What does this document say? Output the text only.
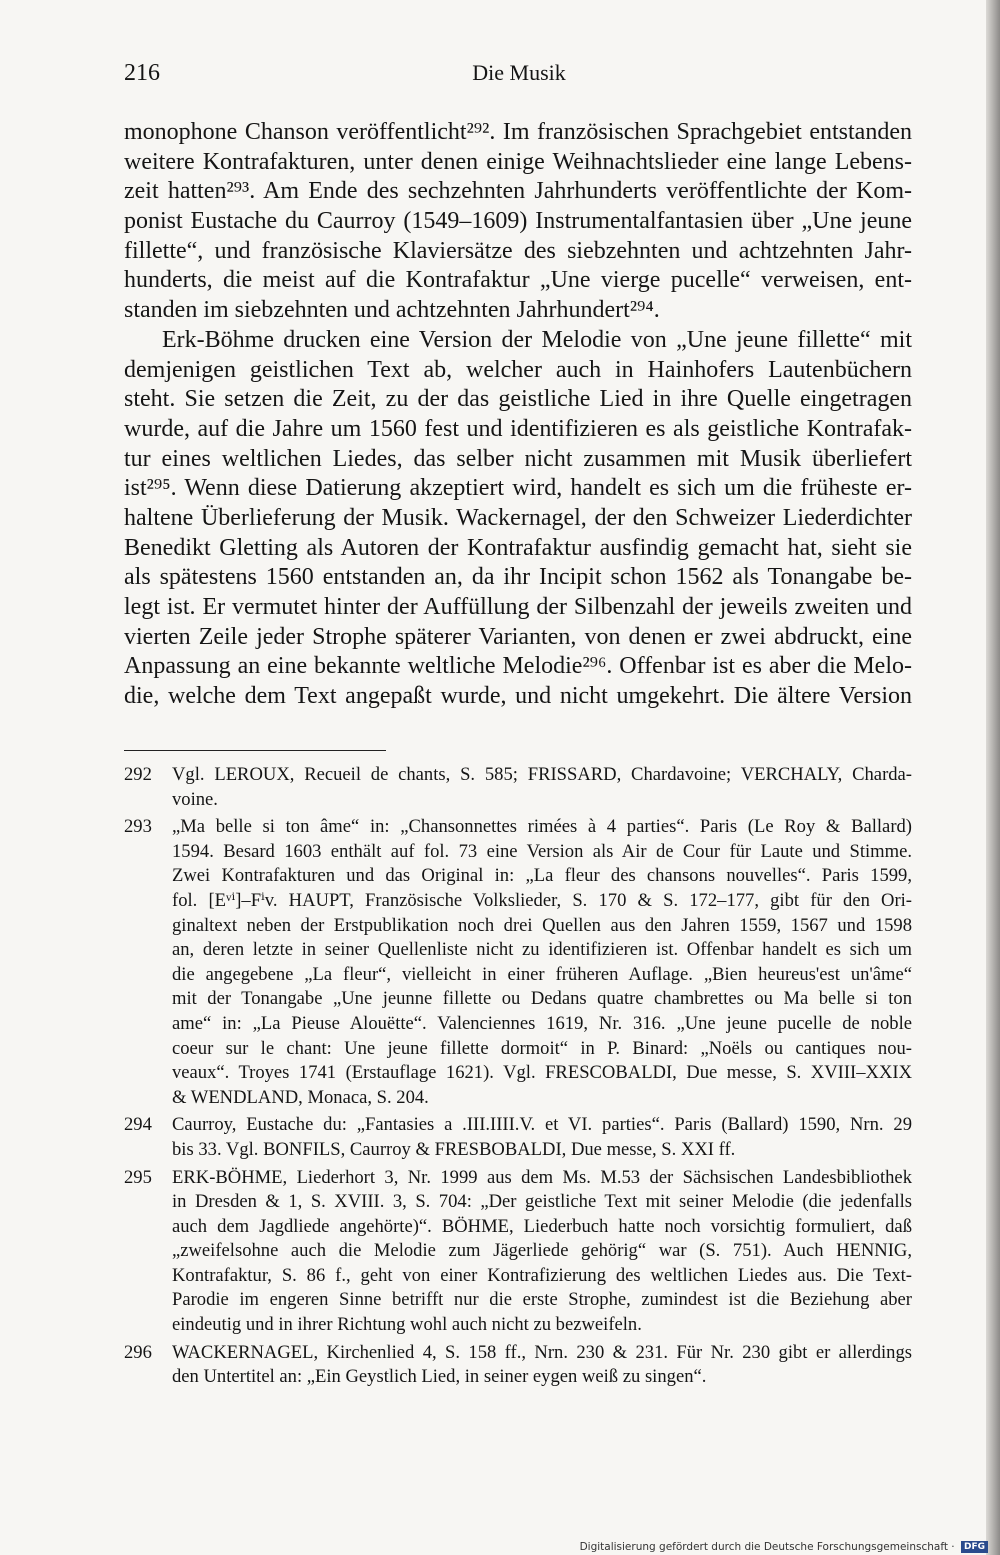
216	Die Musik
monophone Chanson veröffentlicht²⁹². Im französischen Sprachgebiet entstanden
weitere Kontrafakturen, unter denen einige Weihnachtslieder eine lange Lebens-
zeit hatten²⁹³. Am Ende des sechzehnten Jahrhunderts veröffentlichte der Kom-
ponist Eustache du Caurroy (1549–1609) Instrumentalfantasien über „Une jeune
fillette“, und französische Klaviersätze des siebzehnten und achtzehnten Jahr-
hunderts, die meist auf die Kontrafaktur „Une vierge pucelle“ verweisen, ent-
standen im siebzehnten und achtzehnten Jahrhundert²⁹⁴.
Erk-Böhme drucken eine Version der Melodie von „Une jeune fillette“ mit
demjenigen geistlichen Text ab, welcher auch in Hainhofers Lautenbüchern
steht. Sie setzen die Zeit, zu der das geistliche Lied in ihre Quelle eingetragen
wurde, auf die Jahre um 1560 fest und identifizieren es als geistliche Kontrafak-
tur eines weltlichen Liedes, das selber nicht zusammen mit Musik überliefert
ist²⁹⁵. Wenn diese Datierung akzeptiert wird, handelt es sich um die früheste er-
haltene Überlieferung der Musik. Wackernagel, der den Schweizer Liederdichter
Benedikt Gletting als Autoren der Kontrafaktur ausfindig gemacht hat, sieht sie
als spätestens 1560 entstanden an, da ihr Incipit schon 1562 als Tonangabe be-
legt ist. Er vermutet hinter der Auffüllung der Silbenzahl der jeweils zweiten und
vierten Zeile jeder Strophe späterer Varianten, von denen er zwei abdruckt, eine
Anpassung an eine bekannte weltliche Melodie²⁹⁶. Offenbar ist es aber die Melo-
die, welche dem Text angepaßt wurde, und nicht umgekehrt. Die ältere Version
292 Vgl. LEROUX, Recueil de chants, S. 585; FRISSARD, Chardavoine; VERCHALY, Charda-
voine.
293 „Ma belle si ton âme“ in: „Chansonnettes rimées à 4 parties“. Paris (Le Roy & Ballard)
1594. Besard 1603 enthält auf fol. 73 eine Version als Air de Cour für Laute und Stimme.
Zwei Kontrafakturen und das Original in: „La fleur des chansons nouvelles“. Paris 1599,
fol. [Eᵛⁱ]–Fⁱv. HAUPT, Französische Volkslieder, S. 170 & S. 172–177, gibt für den Ori-
ginaltext neben der Erstpublikation noch drei Quellen aus den Jahren 1559, 1567 und 1598
an, deren letzte in seiner Quellenliste nicht zu identifizieren ist. Offenbar handelt es sich um
die angegebene „La fleur“, vielleicht in einer früheren Auflage. „Bien heureus'est un'âme“
mit der Tonangabe „Une jeunne fillette ou Dedans quatre chambrettes ou Ma belle si ton
ame“ in: „La Pieuse Alouëtte“. Valenciennes 1619, Nr. 316. „Une jeune pucelle de noble
coeur sur le chant: Une jeune fillette dormoit“ in P. Binard: „Noëls ou cantiques nou-
veaux“. Troyes 1741 (Erstauflage 1621). Vgl. FRESCOBALDI, Due messe, S. XVIII–XXIX
& WENDLAND, Monaca, S. 204.
294 Caurroy, Eustache du: „Fantasies a .III.IIII.V. et VI. parties“. Paris (Ballard) 1590, Nrn. 29
bis 33. Vgl. BONFILS, Caurroy & FRESBOBALDI, Due messe, S. XXI ff.
295 ERK-BÖHME, Liederhort 3, Nr. 1999 aus dem Ms. M.53 der Sächsischen Landesbibliothek
in Dresden & 1, S. XVIII. 3, S. 704: „Der geistliche Text mit seiner Melodie (die jedenfalls
auch dem Jagdliede angehörte)“. BÖHME, Liederbuch hatte noch vorsichtig formuliert, daß
„zweifelsohne auch die Melodie zum Jägerliede gehörig“ war (S. 751). Auch HENNIG,
Kontrafaktur, S. 86 f., geht von einer Kontrafizierung des weltlichen Liedes aus. Die Text-
Parodie im engeren Sinne betrifft nur die erste Strophe, zumindest ist die Beziehung aber
eindeutig und in ihrer Richtung wohl auch nicht zu bezweifeln.
296 WACKERNAGEL, Kirchenlied 4, S. 158 ff., Nrn. 230 & 231. Für Nr. 230 gibt er allerdings
den Untertitel an: „Ein Geystlich Lied, in seiner eygen weiß zu singen“.
Digitalisierung gefördert durch die Deutsche Forschungsgemeinschaft · DFG
